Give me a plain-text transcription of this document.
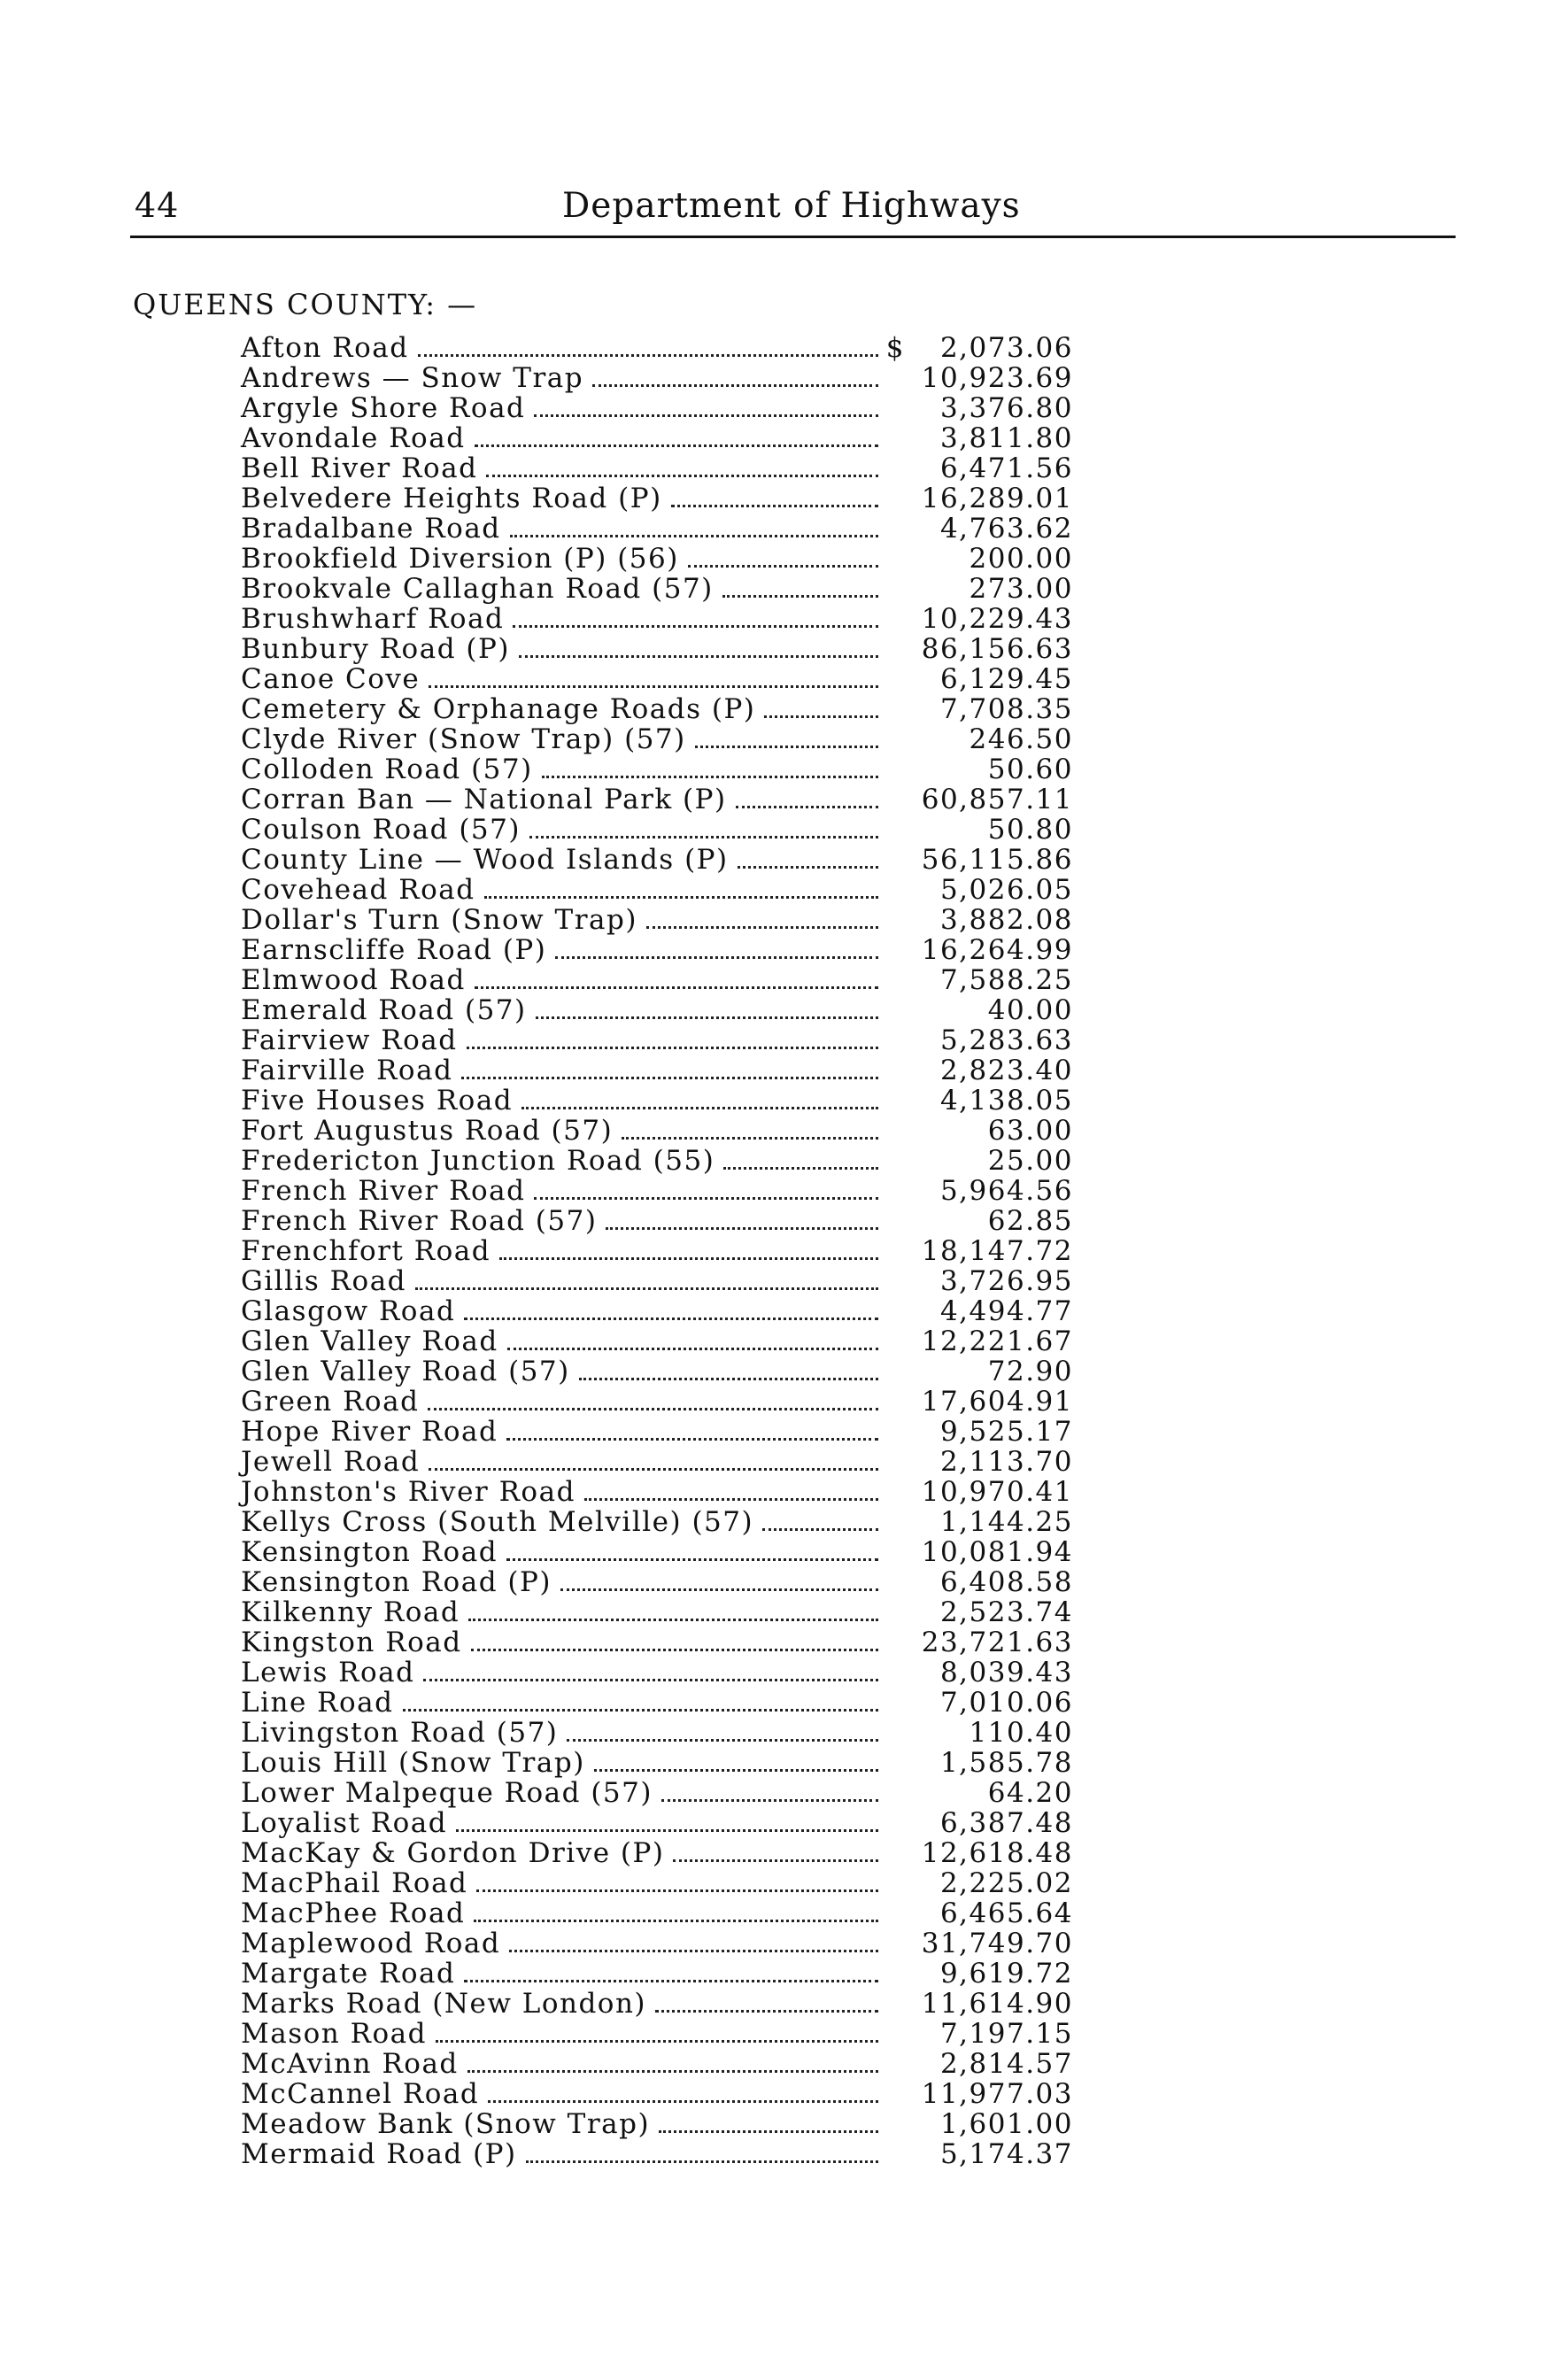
44	Department of Highways
QUEENS COUNTY: —
Afton Road	$	2,073.06
Andrews — Snow Trap	10,923.69
Argyle Shore Road	3,376.80
Avondale Road	3,811.80
Bell River Road	6,471.56
Belvedere Heights Road (P)	16,289.01
Bradalbane Road	4,763.62
Brookfield Diversion (P) (56)	200.00
Brookvale Callaghan Road (57)	273.00
Brushwharf Road	10,229.43
Bunbury Road (P)	86,156.63
Canoe Cove	6,129.45
Cemetery & Orphanage Roads (P)	7,708.35
Clyde River (Snow Trap) (57)	246.50
Colloden Road (57)	50.60
Corran Ban — National Park (P)	60,857.11
Coulson Road (57)	50.80
County Line — Wood Islands (P)	56,115.86
Covehead Road	5,026.05
Dollar's Turn (Snow Trap)	3,882.08
Earnscliffe Road (P)	16,264.99
Elmwood Road	7,588.25
Emerald Road (57)	40.00
Fairview Road	5,283.63
Fairville Road	2,823.40
Five Houses Road	4,138.05
Fort Augustus Road (57)	63.00
Fredericton Junction Road (55)	25.00
French River Road	5,964.56
French River Road (57)	62.85
Frenchfort Road	18,147.72
Gillis Road	3,726.95
Glasgow Road	4,494.77
Glen Valley Road	12,221.67
Glen Valley Road (57)	72.90
Green Road	17,604.91
Hope River Road	9,525.17
Jewell Road	2,113.70
Johnston's River Road	10,970.41
Kellys Cross (South Melville) (57)	1,144.25
Kensington Road	10,081.94
Kensington Road (P)	6,408.58
Kilkenny Road	2,523.74
Kingston Road	23,721.63
Lewis Road	8,039.43
Line Road	7,010.06
Livingston Road (57)	110.40
Louis Hill (Snow Trap)	1,585.78
Lower Malpeque Road (57)	64.20
Loyalist Road	6,387.48
MacKay & Gordon Drive (P)	12,618.48
MacPhail Road	2,225.02
MacPhee Road	6,465.64
Maplewood Road	31,749.70
Margate Road	9,619.72
Marks Road (New London)	11,614.90
Mason Road	7,197.15
McAvinn Road	2,814.57
McCannel Road	11,977.03
Meadow Bank (Snow Trap)	1,601.00
Mermaid Road (P)	5,174.37
